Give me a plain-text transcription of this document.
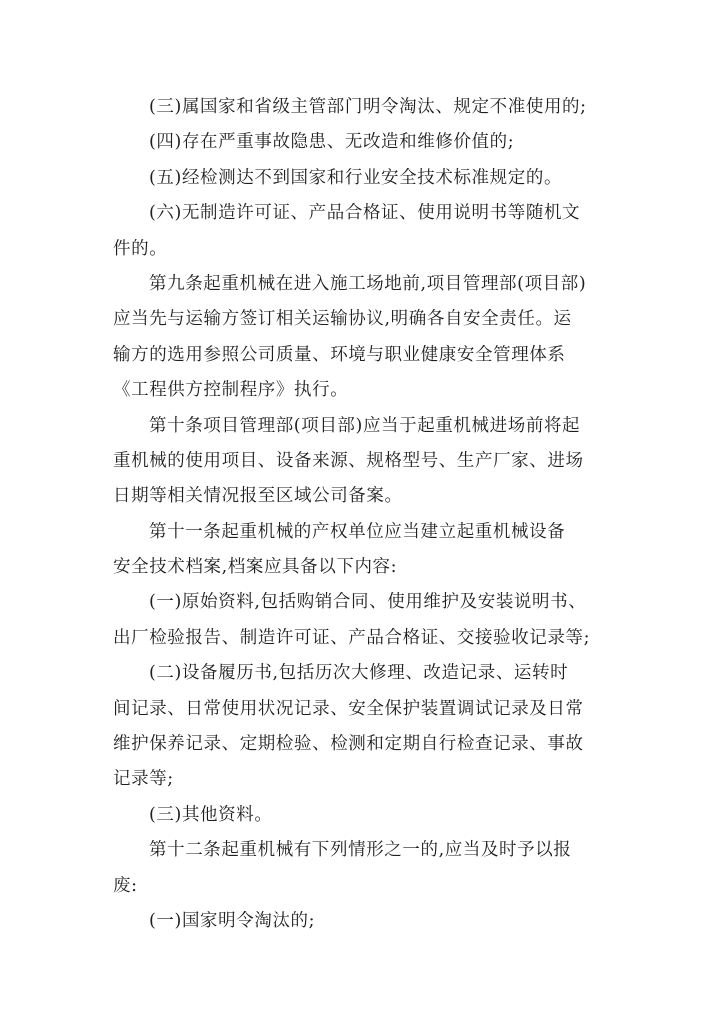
(三)属国家和省级主管部门明令淘汰、规定不准使用的;
(四)存在严重事故隐患、无改造和维修价值的;
(五)经检测达不到国家和行业安全技术标准规定的。
(六)无制造许可证、产品合格证、使用说明书等随机文
件的。
第九条起重机械在进入施工场地前,项目管理部(项目部)
应当先与运输方签订相关运输协议,明确各自安全责任。运
输方的选用参照公司质量、环境与职业健康安全管理体系
《工程供方控制程序》执行。
第十条项目管理部(项目部)应当于起重机械进场前将起
重机械的使用项目、设备来源、规格型号、生产厂家、进场
日期等相关情况报至区域公司备案。
第十一条起重机械的产权单位应当建立起重机械设备
安全技术档案,档案应具备以下内容:
(一)原始资料,包括购销合同、使用维护及安装说明书、
出厂检验报告、制造许可证、产品合格证、交接验收记录等;
(二)设备履历书,包括历次大修理、改造记录、运转时
间记录、日常使用状况记录、安全保护装置调试记录及日常
维护保养记录、定期检验、检测和定期自行检查记录、事故
记录等;
(三)其他资料。
第十二条起重机械有下列情形之一的,应当及时予以报
废:
(一)国家明令淘汰的;
